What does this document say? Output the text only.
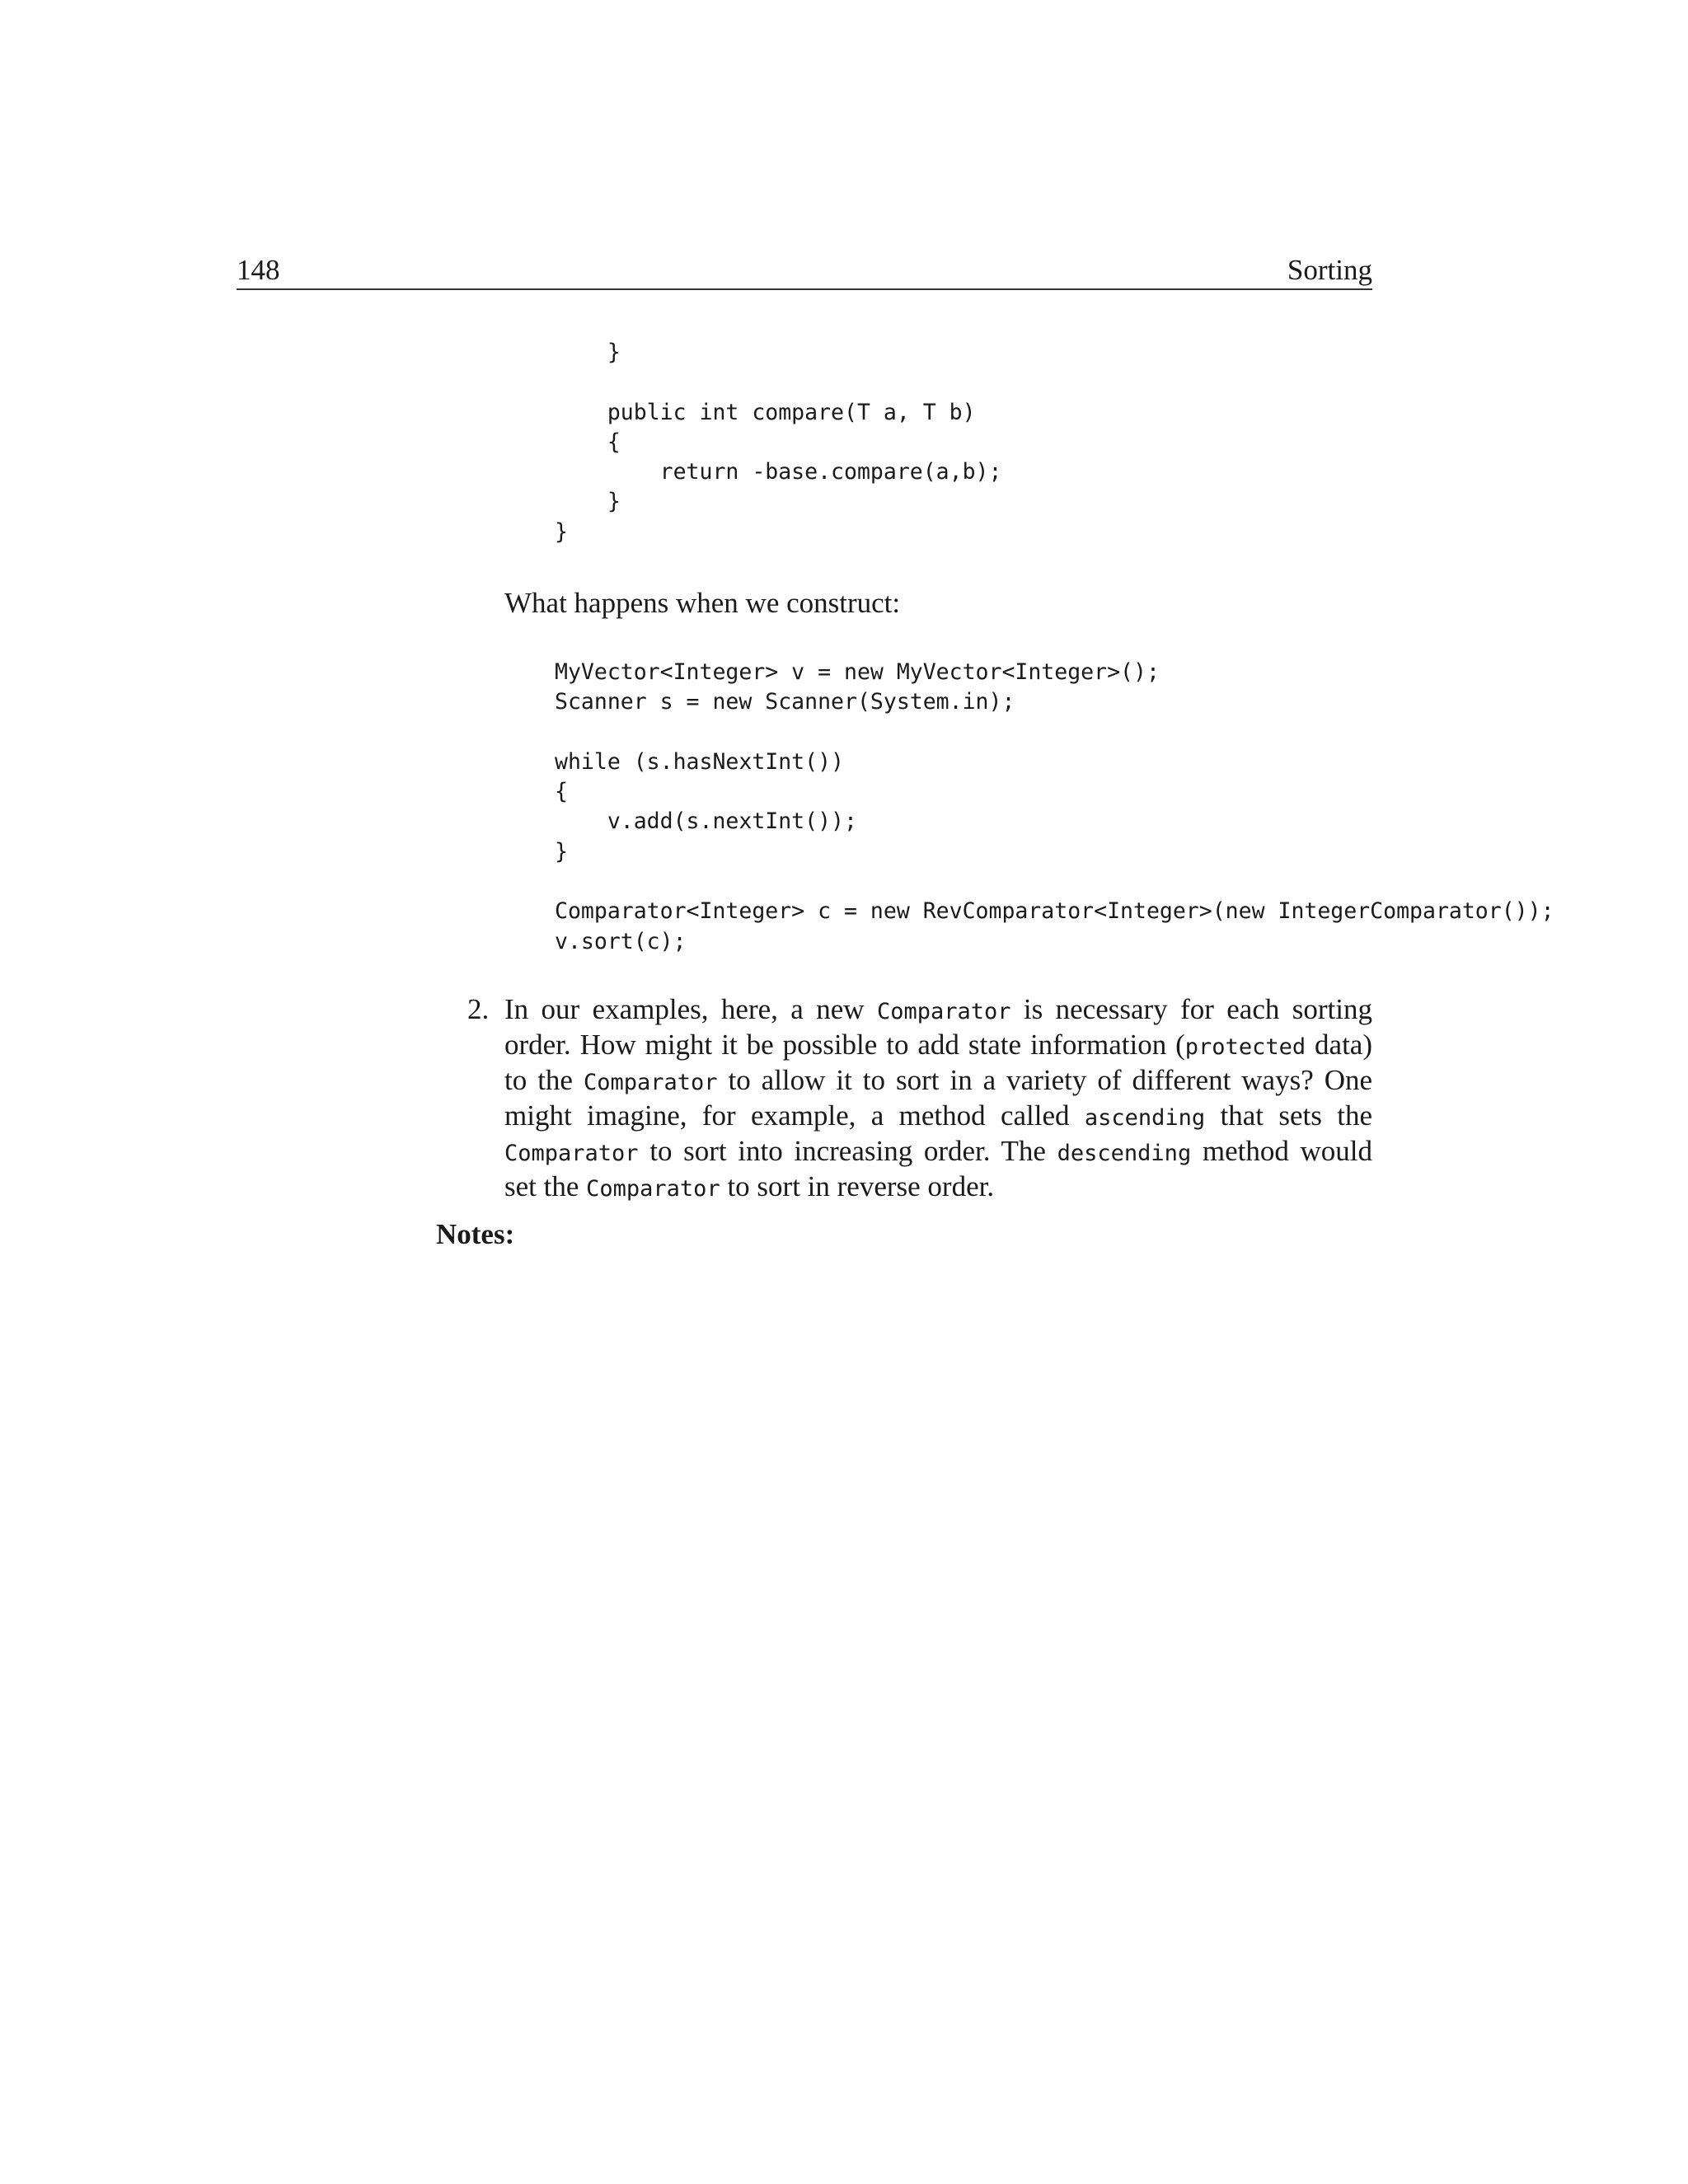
148	Sorting
}

public int compare(T a, T b)
{
return -base.compare(a,b);
}
}
What happens when we construct:
MyVector<Integer> v = new MyVector<Integer>();
Scanner s = new Scanner(System.in);

while (s.hasNextInt())
{
v.add(s.nextInt());
}

Comparator<Integer> c = new RevComparator<Integer>(new IntegerComparator());
v.sort(c);
2. In our examples, here, a new Comparator is necessary for each sorting order. How might it be possible to add state information (protected data) to the Comparator to allow it to sort in a variety of different ways? One might imagine, for example, a method called ascending that sets the Comparator to sort into increasing order. The descending method would set the Comparator to sort in reverse order.
Notes:
